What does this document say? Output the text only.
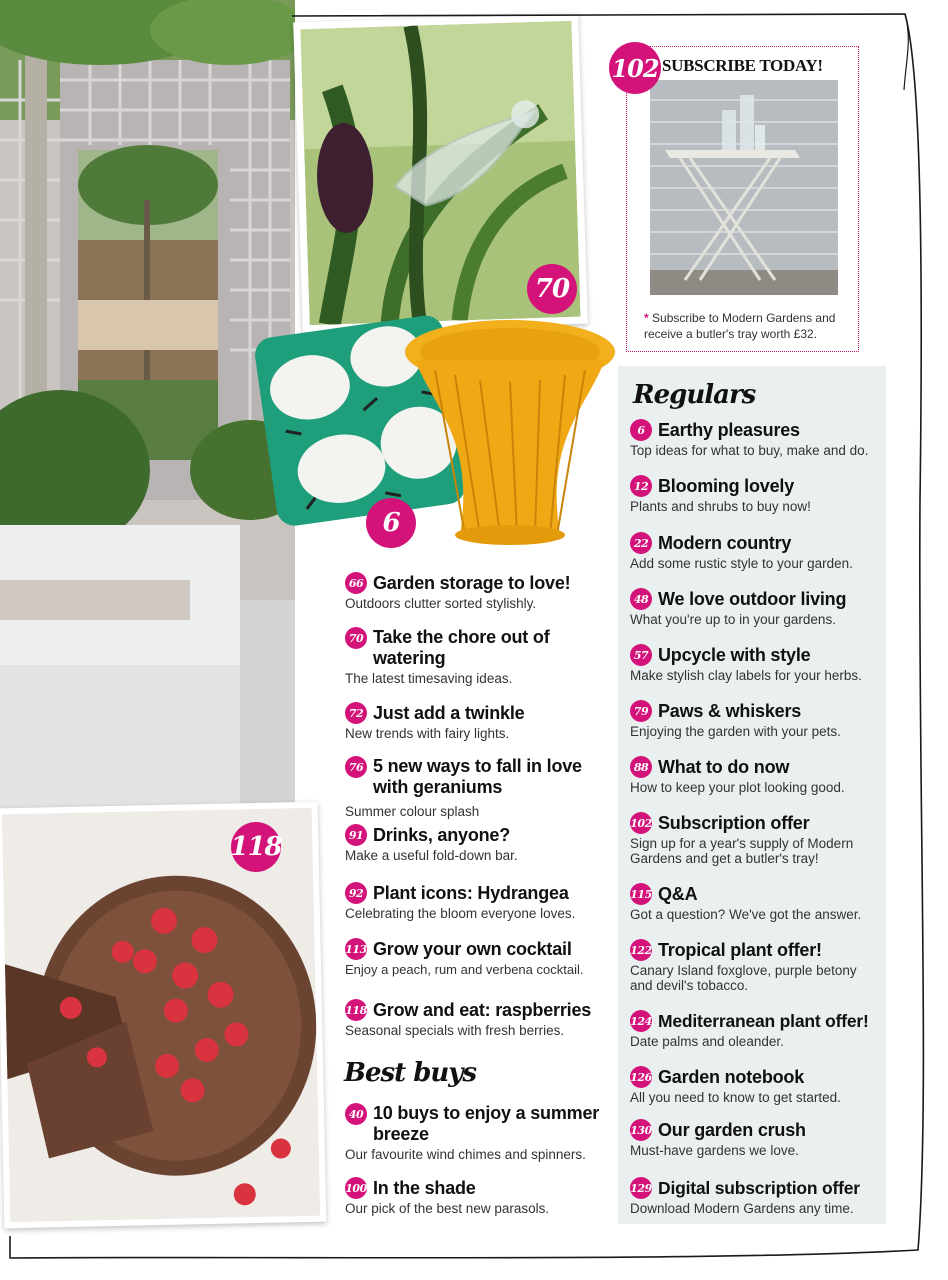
70
6
118
102 SUBSCRIBE TODAY!
* Subscribe to Modern Gardens and receive a butler's tray worth £32.
Regulars
6 Earthy pleasures
Top ideas for what to buy, make and do.
12 Blooming lovely
Plants and shrubs to buy now!
22 Modern country
Add some rustic style to your garden.
48 We love outdoor living
What you're up to in your gardens.
57 Upcycle with style
Make stylish clay labels for your herbs.
79 Paws & whiskers
Enjoying the garden with your pets.
88 What to do now
How to keep your plot looking good.
102 Subscription offer
Sign up for a year's supply of Modern Gardens and get a butler's tray!
115 Q&A
Got a question? We've got the answer.
122 Tropical plant offer!
Canary Island foxglove, purple betony and devil's tobacco.
124 Mediterranean plant offer!
Date palms and oleander.
126 Garden notebook
All you need to know to get started.
130 Our garden crush
Must-have gardens we love.
129 Digital subscription offer
Download Modern Gardens any time.
66 Garden storage to love!
Outdoors clutter sorted stylishly.
70 Take the chore out of watering
The latest timesaving ideas.
72 Just add a twinkle
New trends with fairy lights.
76 5 new ways to fall in love with geraniums
Summer colour splash
91 Drinks, anyone?
Make a useful fold-down bar.
92 Plant icons: Hydrangea
Celebrating the bloom everyone loves.
113 Grow your own cocktail
Enjoy a peach, rum and verbena cocktail.
118 Grow and eat: raspberries
Seasonal specials with fresh berries.
Best buys
40 10 buys to enjoy a summer breeze
Our favourite wind chimes and spinners.
100 In the shade
Our pick of the best new parasols.
